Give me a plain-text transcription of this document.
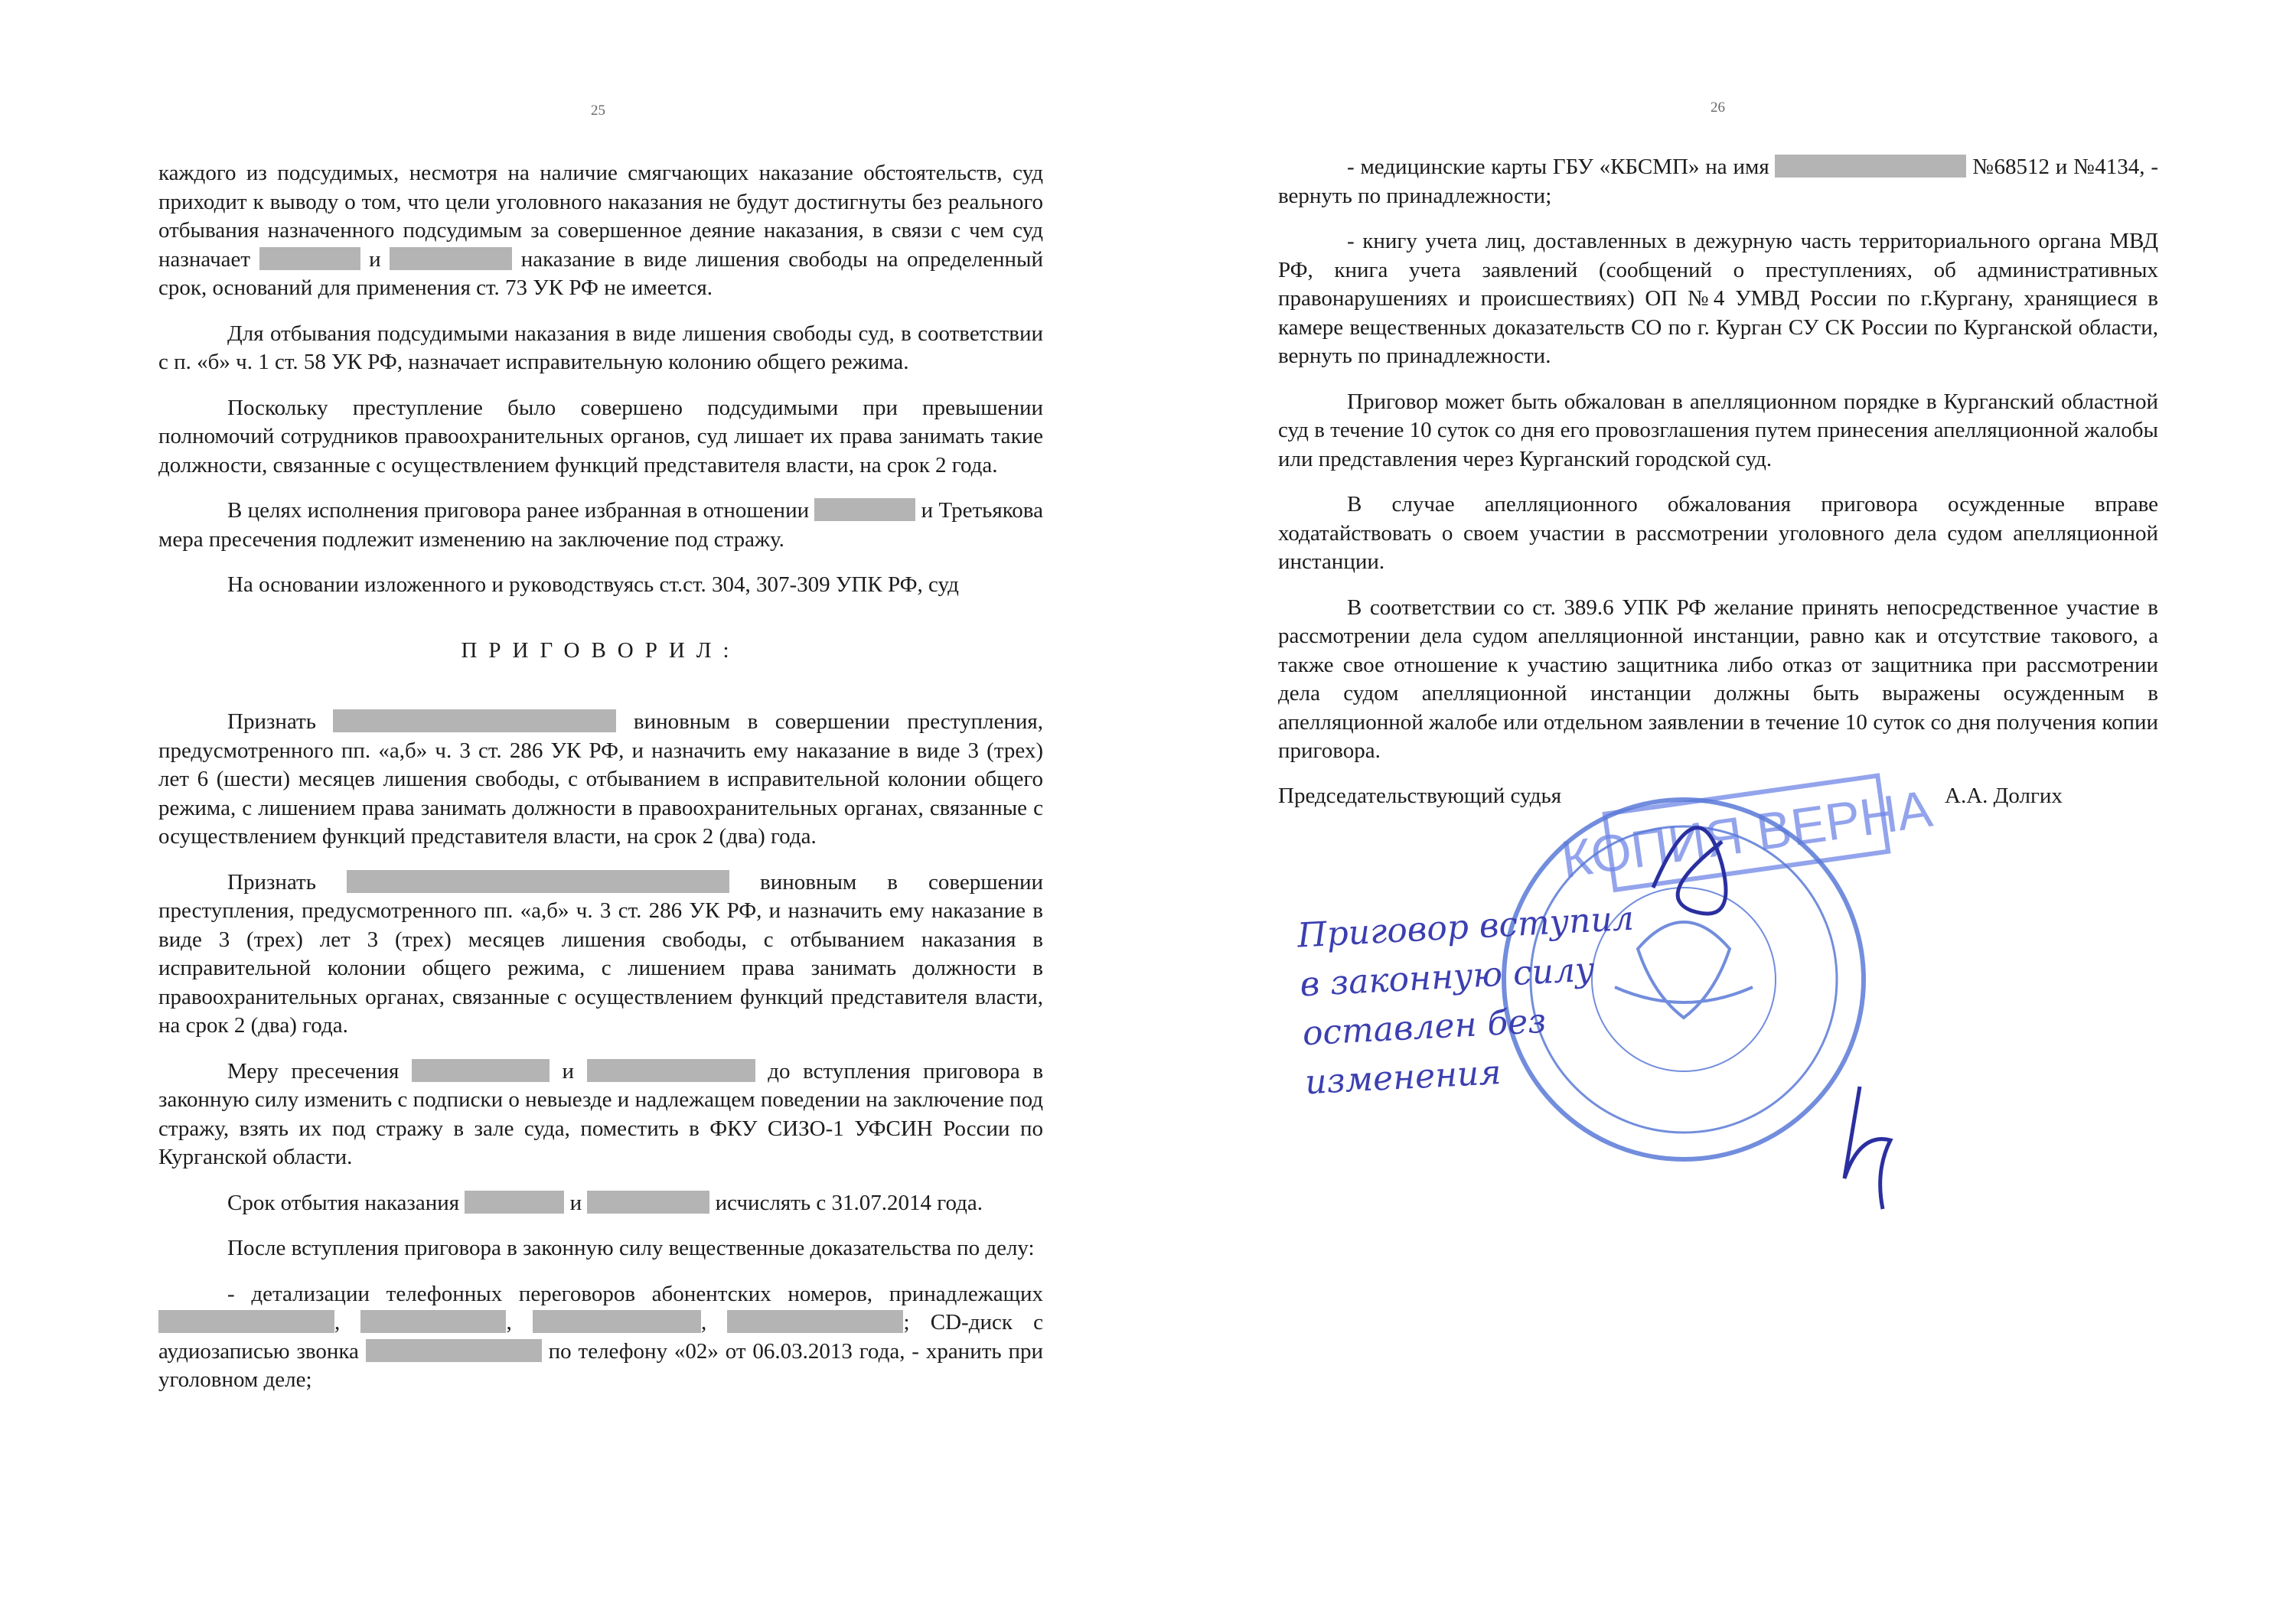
25

каждого из подсудимых, несмотря на наличие смягчающих наказание обстоятельств, суд приходит к выводу о том, что цели уголовного наказания не будут достигнуты без реального отбывания назначенного подсудимым за совершенное деяние наказания, в связи с чем суд назначает	и	наказание в виде лишения свободы на определенный срок, оснований для применения ст. 73 УК РФ не имеется.

Для отбывания подсудимыми наказания в виде лишения свободы суд, в соответствии с п. «б» ч. 1 ст. 58 УК РФ, назначает исправительную колонию общего режима.

Поскольку преступление было совершено подсудимыми при превышении полномочий сотрудников правоохранительных органов, суд лишает их права занимать такие должности, связанные с осуществлением функций представителя власти, на срок 2 года.

В целях исполнения приговора ранее избранная в отношении	и Третьякова мера пресечения подлежит изменению на заключение под стражу.

На основании изложенного и руководствуясь ст.ст. 304, 307-309 УПК РФ, суд

ПРИГОВОРИЛ:

Признать	виновным в совершении преступления, предусмотренного пп. «а,б» ч. 3 ст. 286 УК РФ, и назначить ему наказание в виде 3 (трех) лет 6 (шести) месяцев лишения свободы, с отбыванием в исправительной колонии общего режима, с лишением права занимать должности в правоохранительных органах, связанные с осуществлением функций представителя власти, на срок 2 (два) года.

Признать	виновным в совершении преступления, предусмотренного пп. «а,б» ч. 3 ст. 286 УК РФ, и назначить ему наказание в виде 3 (трех) лет 3 (трех) месяцев лишения свободы, с отбыванием наказания в исправительной колонии общего режима, с лишением права занимать должности в правоохранительных органах, связанные с осуществлением функций представителя власти, на срок 2 (два) года.

Меру пресечения	и	до вступления приговора в законную силу изменить с подписки о невыезде и надлежащем поведении на заключение под стражу, взять их под стражу в зале суда, поместить в ФКУ СИЗО-1 УФСИН России по Курганской области.

Срок отбытия наказания	и	исчислять с 31.07.2014 года.

После вступления приговора в законную силу вещественные доказательства по делу:

- детализации телефонных переговоров абонентских номеров, принадлежащих ,	,	,	; CD-диск с аудиозаписью звонка	по телефону «02» от 06.03.2013 года, - хранить при уголовном деле;

26

- медицинские карты ГБУ «КБСМП» на имя	№68512 и №4134, - вернуть по принадлежности;

- книгу учета лиц, доставленных в дежурную часть территориального органа МВД РФ, книга учета заявлений (сообщений о преступлениях, об административных правонарушениях и происшествиях) ОП №4 УМВД России по г.Кургану, хранящиеся в камере вещественных доказательств СО по г. Курган СУ СК России по Курганской области, вернуть по принадлежности.

Приговор может быть обжалован в апелляционном порядке в Курганский областной суд в течение 10 суток со дня его провозглашения путем принесения апелляционной жалобы или представления через Курганский городской суд.

В случае апелляционного обжалования приговора осужденные вправе ходатайствовать о своем участии в рассмотрении уголовного дела судом апелляционной инстанции.

В соответствии со ст. 389.6 УПК РФ желание принять непосредственное участие в рассмотрении дела судом апелляционной инстанции, равно как и отсутствие такового, а также свое отношение к участию защитника либо отказ от защитника при рассмотрении дела судом апелляционной инстанции должны быть выражены осужденным в апелляционной жалобе или отдельном заявлении в течение 10 суток со дня получения копии приговора.

Председательствующий судья	А.А. Долгих
КОПИЯ ВЕРНА
Приговор вступил
в законную силу
оставлен без
изменения
